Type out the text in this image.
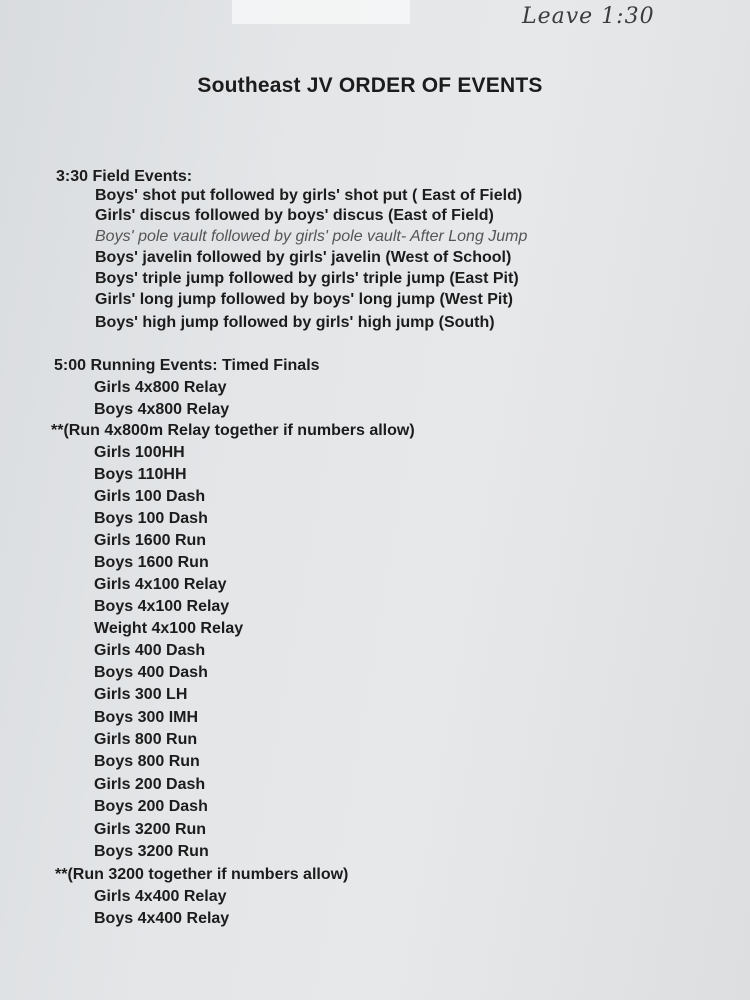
Leave 1:30
Southeast JV ORDER OF EVENTS
3:30 Field Events:
Boys' shot put followed by girls' shot put ( East of Field)
Girls' discus followed by boys' discus (East of Field)
Boys' pole vault followed by girls' pole vault- After Long Jump
Boys' javelin followed by girls' javelin (West of School)
Boys' triple jump followed by girls' triple jump (East Pit)
Girls' long jump followed by boys' long jump (West Pit)
Boys' high jump followed by girls' high jump (South)
5:00 Running Events: Timed Finals
Girls 4x800 Relay
Boys 4x800 Relay
**(Run 4x800m Relay together if numbers allow)
Girls 100HH
Boys 110HH
Girls 100 Dash
Boys 100 Dash
Girls 1600 Run
Boys 1600 Run
Girls 4x100 Relay
Boys 4x100 Relay
Weight 4x100 Relay
Girls 400 Dash
Boys 400 Dash
Girls 300 LH
Boys 300 IMH
Girls 800 Run
Boys 800 Run
Girls 200 Dash
Boys 200 Dash
Girls 3200 Run
Boys 3200 Run
**(Run 3200 together if numbers allow)
Girls 4x400 Relay
Boys 4x400 Relay
